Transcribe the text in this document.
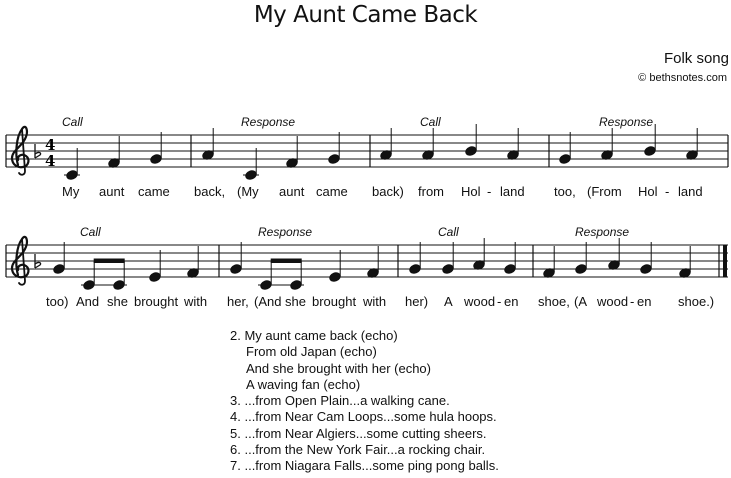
My Aunt Came Back
Folk song
© bethsnotes.com
Call	Response	Call	Response
Call	Response	Call	Response
4
4
My aunt came back, (My aunt came back) from Hol - land too, (From Hol - land
too) And she brought with her, (And she brought with her) A wood - en shoe, (A wood - en shoe.)
2. My aunt came back (echo)
From old Japan (echo)
And she brought with her (echo)
A waving fan (echo)
3. ...from Open Plain...a walking cane.
4. ...from Near Cam Loops...some hula hoops.
5. ...from Near Algiers...some cutting sheers.
6. ...from the New York Fair...a rocking chair.
7. ...from Niagara Falls...some ping pong balls.
